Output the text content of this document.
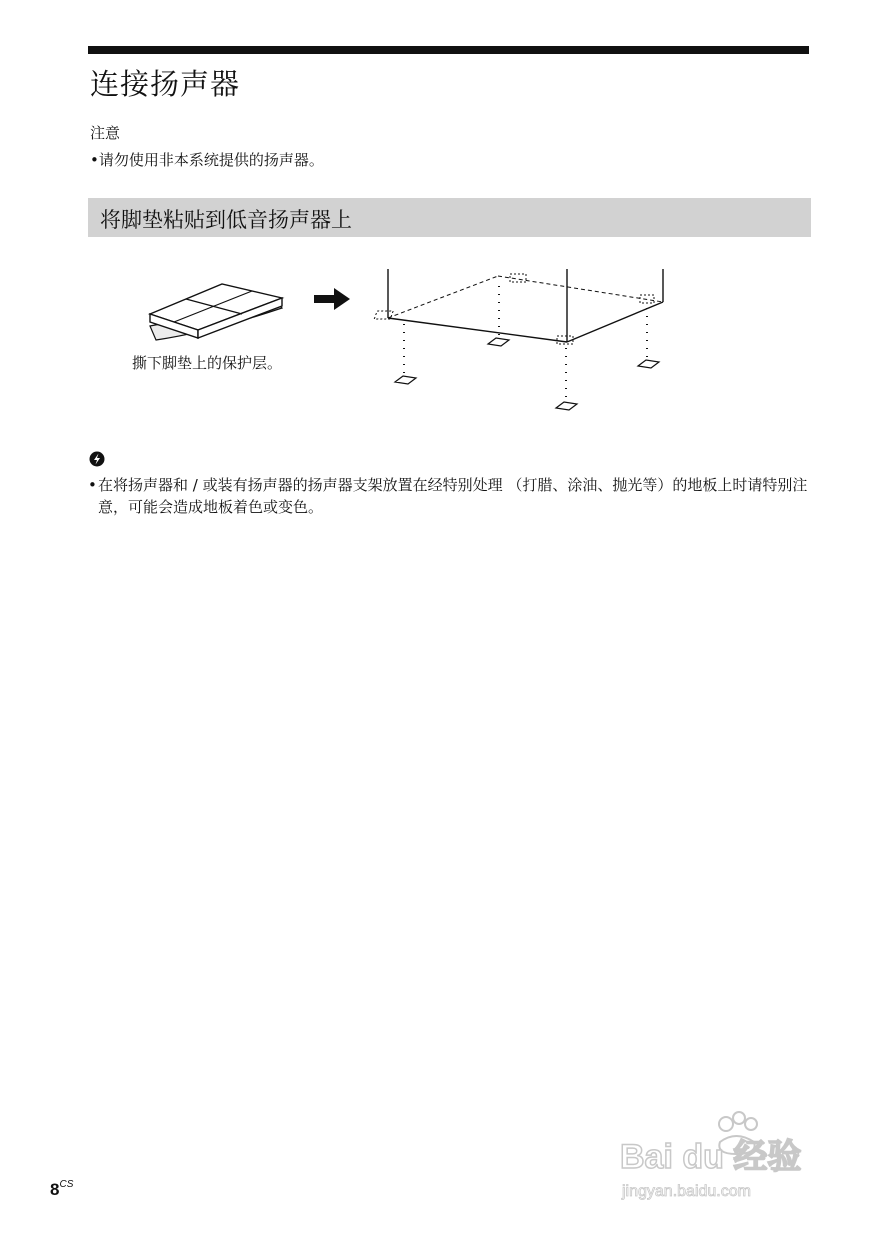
连接扬声器
注意
•请勿使用非本系统提供的扬声器。
将脚垫粘贴到低音扬声器上
撕下脚垫上的保护层。
• 在将扬声器和 / 或装有扬声器的扬声器支架放置在经特别处理 （打腊、涂油、抛光等）的地板上时请特别注意，可能会造成地板着色或变色。
$8^{CS}$
Bai du 经验
jingyan.baidu.com
